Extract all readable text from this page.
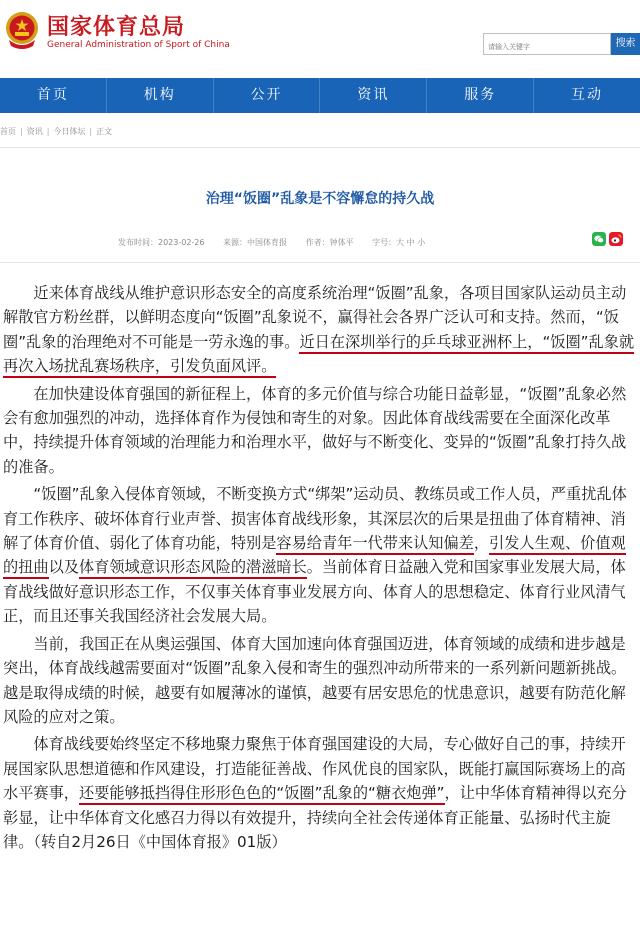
国家体育总局
General Administration of Sport of China
请输入关键字	搜索
首页	机构	公开	资讯	服务	互动
首页 | 资讯 | 今日体坛 | 正文
治理“饭圈”乱象是不容懈怠的持久战
发布时间：2023-02-26 来源：中国体育报 作者：钟体平 字号：大 中 小

近来体育战线从维护意识形态安全的高度系统治理“饭圈”乱象，各项目国家队运动员主动解散官方粉丝群，以鲜明态度向“饭圈”乱象说不，赢得社会各界广泛认可和支持。然而，“饭圈”乱象的治理绝对不可能是一劳永逸的事。近日在深圳举行的乒乓球亚洲杯上，“饭圈”乱象就再次入场扰乱赛场秩序，引发负面风评。

在加快建设体育强国的新征程上，体育的多元价值与综合功能日益彰显，“饭圈”乱象必然会有愈加强烈的冲动，选择体育作为侵蚀和寄生的对象。因此体育战线需要在全面深化改革中，持续提升体育领域的治理能力和治理水平，做好与不断变化、变异的“饭圈”乱象打持久战的准备。

“饭圈”乱象入侵体育领域，不断变换方式“绑架”运动员、教练员或工作人员，严重扰乱体育工作秩序、破坏体育行业声誉、损害体育战线形象，其深层次的后果是扭曲了体育精神、消解了体育价值、弱化了体育功能，特别是容易给青年一代带来认知偏差，引发人生观、价值观的扭曲以及体育领域意识形态风险的潜滋暗长。当前体育日益融入党和国家事业发展大局，体育战线做好意识形态工作，不仅事关体育事业发展方向、体育人的思想稳定、体育行业风清气正，而且还事关我国经济社会发展大局。

当前，我国正在从奥运强国、体育大国加速向体育强国迈进，体育领域的成绩和进步越是突出，体育战线越需要面对“饭圈”乱象入侵和寄生的强烈冲动所带来的一系列新问题新挑战。越是取得成绩的时候，越要有如履薄冰的谨慎，越要有居安思危的忧患意识，越要有防范化解风险的应对之策。

体育战线要始终坚定不移地聚力聚焦于体育强国建设的大局，专心做好自己的事，持续开展国家队思想道德和作风建设，打造能征善战、作风优良的国家队，既能打赢国际赛场上的高水平赛事，还要能够抵挡得住形形色色的“饭圈”乱象的“糖衣炮弹”，让中华体育精神得以充分彰显，让中华体育文化感召力得以有效提升，持续向全社会传递体育正能量、弘扬时代主旋律。（转自2月26日《中国体育报》01版）
